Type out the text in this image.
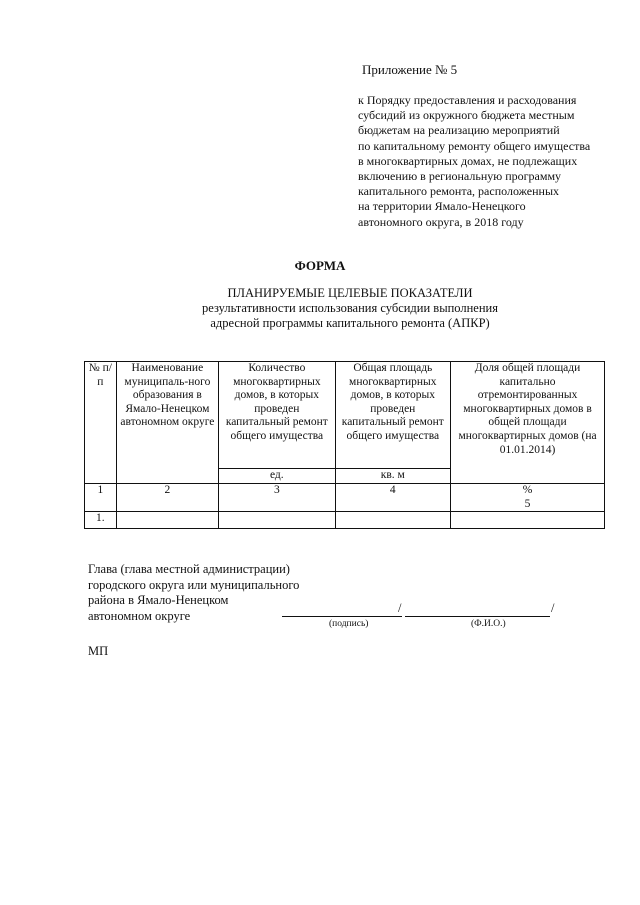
Приложение № 5
к Порядку предоставления и расходования
субсидий из окружного бюджета местным
бюджетам на реализацию мероприятий
по капитальному ремонту общего имущества
в многоквартирных домах, не подлежащих
включению в региональную программу
капитального ремонта, расположенных
на территории Ямало-Ненецкого
автономного округа, в 2018 году
ФОРМА
ПЛАНИРУЕМЫЕ ЦЕЛЕВЫЕ ПОКАЗАТЕЛИ
результативности использования субсидии выполнения
адресной программы капитального ремонта (АПКР)
№ п/п	Наименование муниципаль-ного образования в Ямало-Ненецком автономном округе	Количество многоквартирных домов, в которых проведен капитальный ремонт общего имущества	Общая площадь многоквартирных домов, в которых проведен капитальный ремонт общего имущества	Доля общей площади капитально отремонтированных многоквартирных домов в общей площади многоквартирных домов (на 01.01.2014)
		ед.	кв. м	
1	2	3	4	%
5
1.				
Глава (глава местной администрации)
городского округа или муниципального
района в Ямало-Ненецком
автономном округе
/	/
(подпись)	(Ф.И.О.)
МП
